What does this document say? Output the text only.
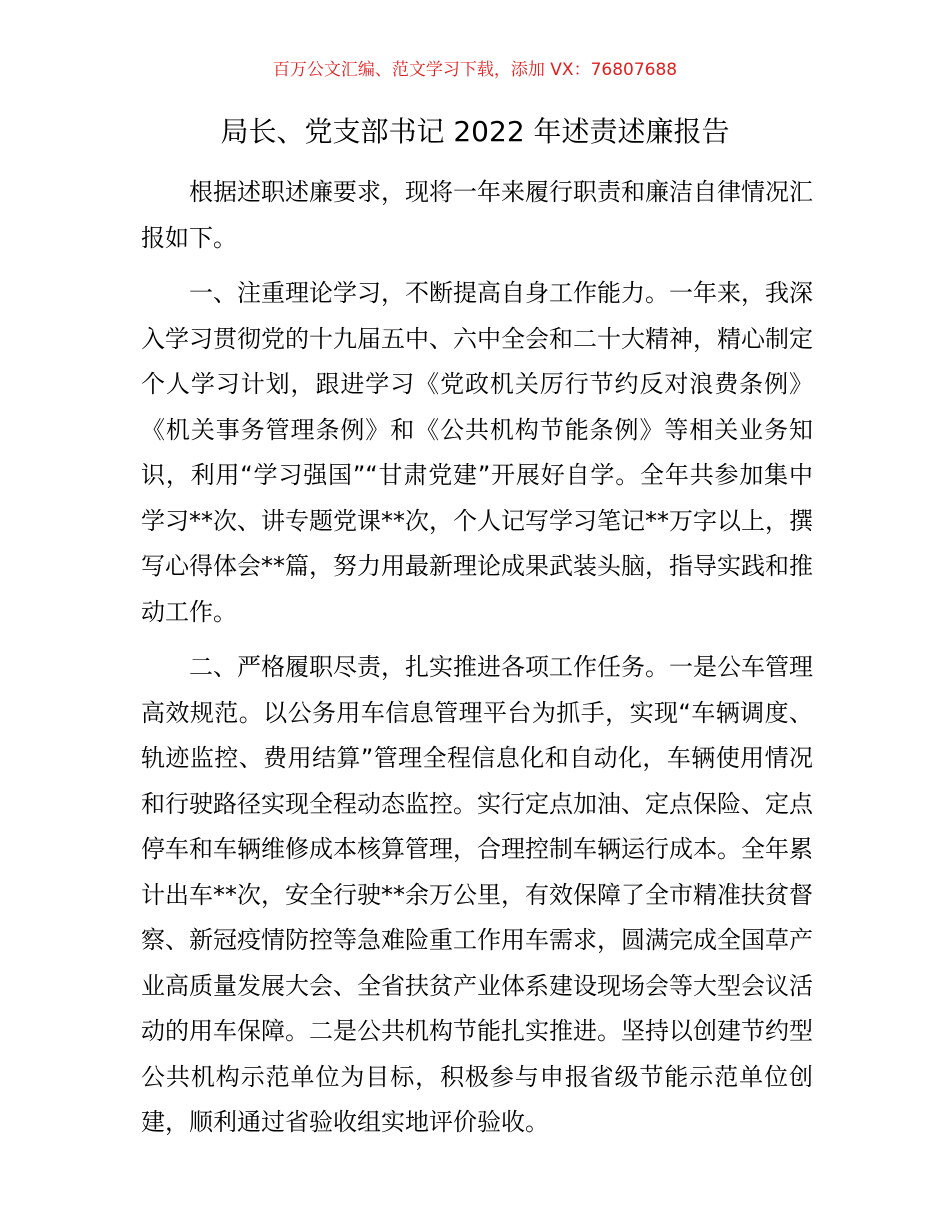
百万公文汇编、范文学习下载，添加 VX：76807688
局长、党支部书记 2022 年述责述廉报告

根据述职述廉要求，现将一年来履行职责和廉洁自律情况汇报如下。

一、注重理论学习，不断提高自身工作能力。一年来，我深入学习贯彻党的十九届五中、六中全会和二十大精神，精心制定个人学习计划，跟进学习《党政机关厉行节约反对浪费条例》《机关事务管理条例》和《公共机构节能条例》等相关业务知识，利用“学习强国”“甘肃党建”开展好自学。全年共参加集中学习**次、讲专题党课**次，个人记写学习笔记**万字以上，撰写心得体会**篇，努力用最新理论成果武装头脑，指导实践和推动工作。

二、严格履职尽责，扎实推进各项工作任务。一是公车管理高效规范。以公务用车信息管理平台为抓手，实现“车辆调度、轨迹监控、费用结算”管理全程信息化和自动化，车辆使用情况和行驶路径实现全程动态监控。实行定点加油、定点保险、定点停车和车辆维修成本核算管理，合理控制车辆运行成本。全年累计出车**次，安全行驶**余万公里，有效保障了全市精准扶贫督察、新冠疫情防控等急难险重工作用车需求，圆满完成全国草产业高质量发展大会、全省扶贫产业体系建设现场会等大型会议活动的用车保障。二是公共机构节能扎实推进。坚持以创建节约型公共机构示范单位为目标，积极参与申报省级节能示范单位创建，顺利通过省验收组实地评价验收。
